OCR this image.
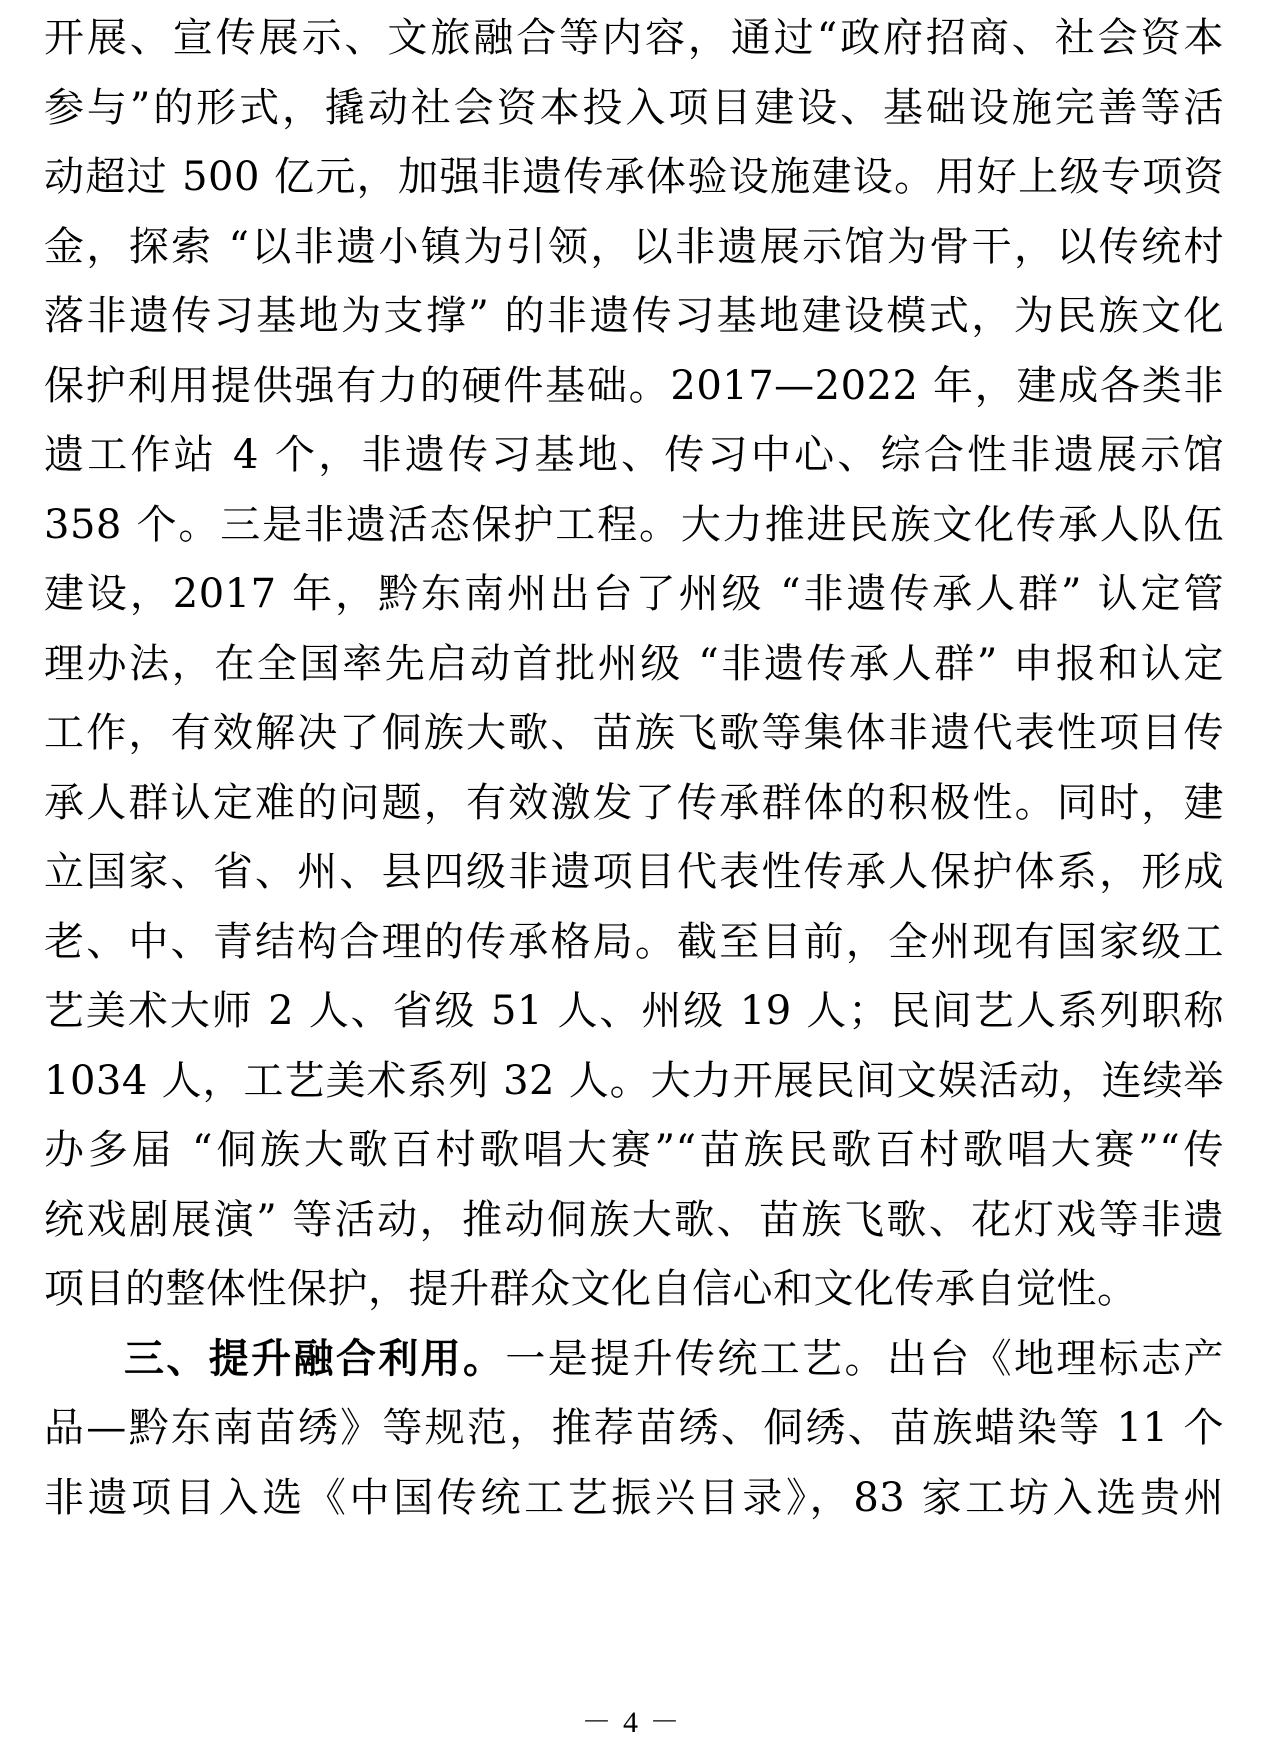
开展、宣传展示、文旅融合等内容，通过“政府招商、社会资本
参与”的形式，撬动社会资本投入项目建设、基础设施完善等活
动超过 500 亿元，加强非遗传承体验设施建设。用好上级专项资
金，探索 “以非遗小镇为引领，以非遗展示馆为骨干，以传统村
落非遗传习基地为支撑” 的非遗传习基地建设模式，为民族文化
保护利用提供强有力的硬件基础。2017—2022 年，建成各类非
遗工作站 4 个，非遗传习基地、传习中心、综合性非遗展示馆
358 个。三是非遗活态保护工程。大力推进民族文化传承人队伍
建设，2017 年，黔东南州出台了州级 “非遗传承人群” 认定管
理办法，在全国率先启动首批州级 “非遗传承人群” 申报和认定
工作，有效解决了侗族大歌、苗族飞歌等集体非遗代表性项目传
承人群认定难的问题，有效激发了传承群体的积极性。同时，建
立国家、省、州、县四级非遗项目代表性传承人保护体系，形成
老、中、青结构合理的传承格局。截至目前，全州现有国家级工
艺美术大师 2 人、省级 51 人、州级 19 人；民间艺人系列职称
1034 人，工艺美术系列 32 人。大力开展民间文娱活动，连续举
办多届 “侗族大歌百村歌唱大赛”“苗族民歌百村歌唱大赛”“传
统戏剧展演” 等活动，推动侗族大歌、苗族飞歌、花灯戏等非遗
项目的整体性保护，提升群众文化自信心和文化传承自觉性。
三、提升融合利用。一是提升传统工艺。出台《地理标志产
品—黔东南苗绣》等规范，推荐苗绣、侗绣、苗族蜡染等 11 个
非遗项目入选《中国传统工艺振兴目录》，83 家工坊入选贵州
－ 4 －
